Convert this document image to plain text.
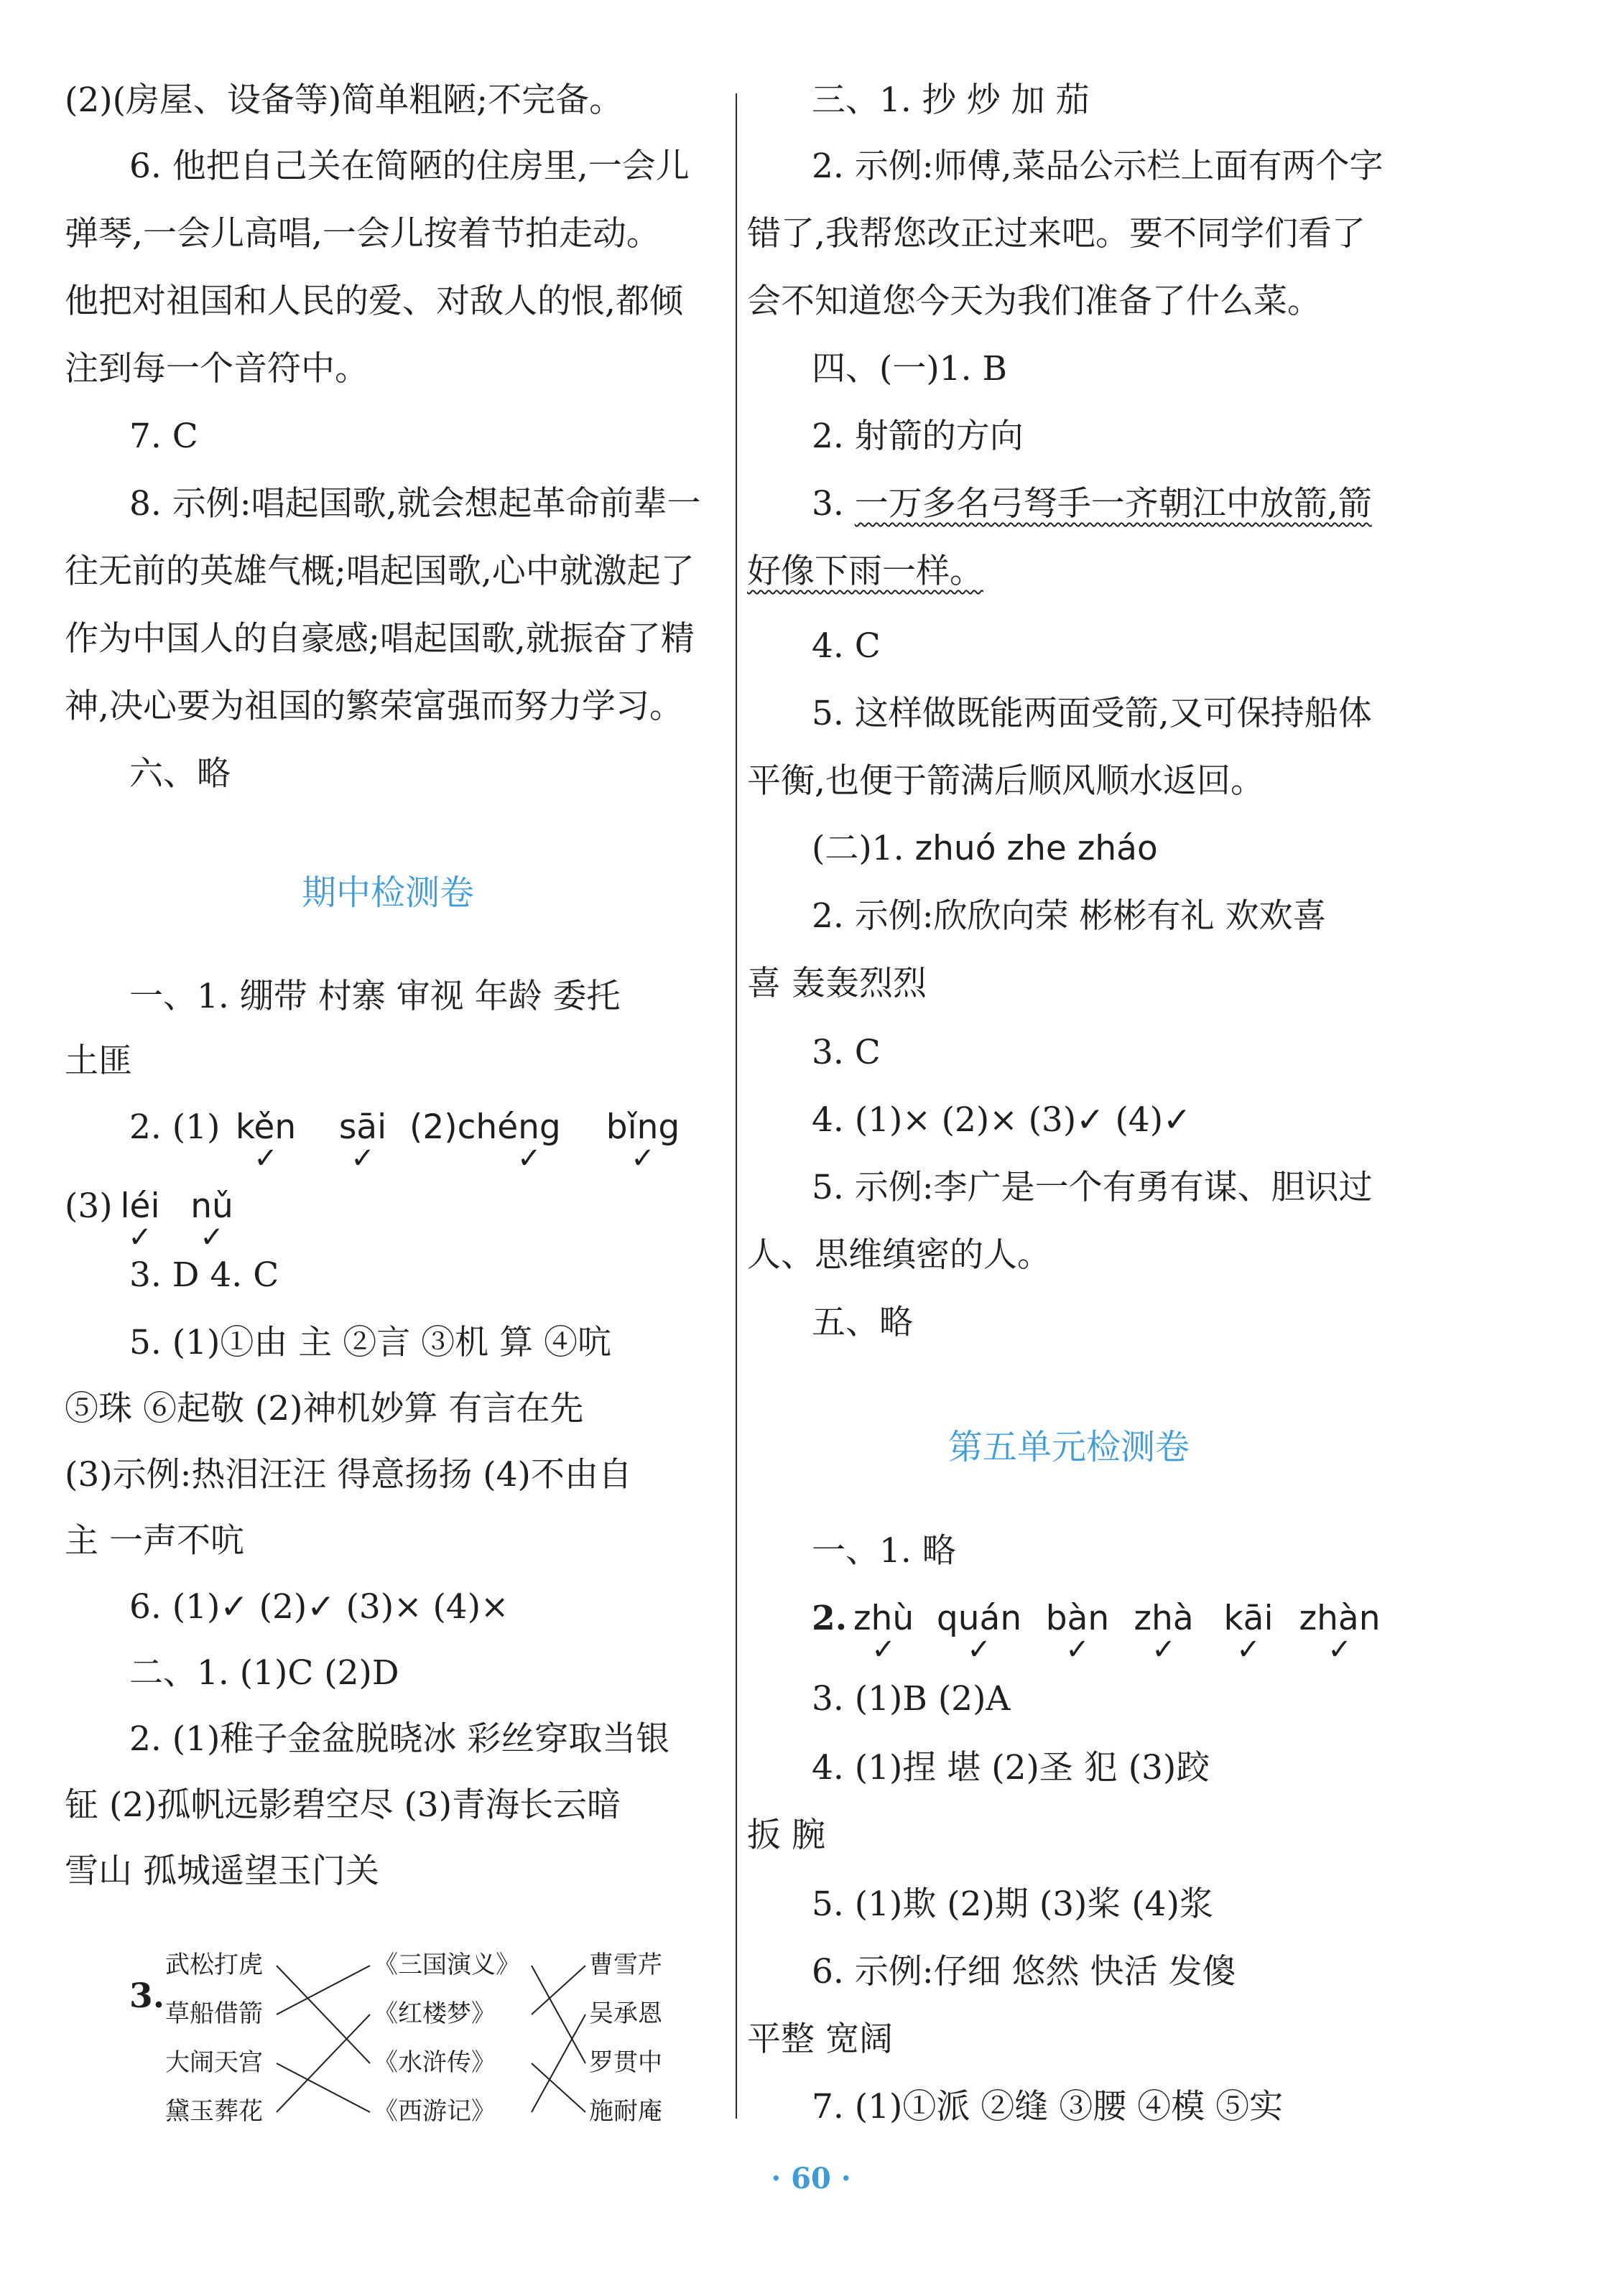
(2)(房屋、设备等)简单粗陋;不完备。
6. 他把自己关在简陋的住房里,一会儿
弹琴,一会儿高唱,一会儿按着节拍走动。
他把对祖国和人民的爱、对敌人的恨,都倾
注到每一个音符中。
7. C
8. 示例:唱起国歌,就会想起革命前辈一
往无前的英雄气概;唱起国歌,心中就激起了
作为中国人的自豪感;唱起国歌,就振奋了精
神,决心要为祖国的繁荣富强而努力学习。
六、略
期中检测卷
一、1. 绷带 村寨 审视 年龄 委托
土匪
2. (1) kěn
✓
sāi
✓
(2)chéng
✓
bǐng
✓
(3) léi
✓
nǔ
✓
3. D 4. C
5. (1)①由 主 ②言 ③机 算 ④吭
⑤珠 ⑥起敬 (2)神机妙算 有言在先
(3)示例:热泪汪汪 得意扬扬 (4)不由自
主 一声不吭
6. (1)✓ (2)✓ (3)× (4)×
二、1. (1)C (2)D
2. (1)稚子金盆脱晓冰 彩丝穿取当银
钲 (2)孤帆远影碧空尽 (3)青海长云暗
雪山 孤城遥望玉门关
3.
武松打虎
草船借箭
大闹天宫
黛玉葬花
《三国演义》
《红楼梦》
《水浒传》
《西游记》
曹雪芹
吴承恩
罗贯中
施耐庵
三、1. 抄 炒 加 茄
2. 示例:师傅,菜品公示栏上面有两个字
错了,我帮您改正过来吧。要不同学们看了
会不知道您今天为我们准备了什么菜。
四、(一)1. B
2. 射箭的方向
3. 一万多名弓弩手一齐朝江中放箭,箭
好像下雨一样。
4. C
5. 这样做既能两面受箭,又可保持船体
平衡,也便于箭满后顺风顺水返回。
(二)1. zhuó zhe zháo
2. 示例:欣欣向荣 彬彬有礼 欢欢喜
喜 轰轰烈烈
3. C
4. (1)× (2)× (3)✓ (4)✓
5. 示例:李广是一个有勇有谋、胆识过
人、思维缜密的人。
五、略
第五单元检测卷
一、1. 略
2. zhù
✓
quán
✓
bàn
✓
zhà
✓
kāi
✓
zhàn
✓
3. (1)B (2)A
4. (1)捏 堪 (2)圣 犯 (3)跤
扳 腕
5. (1)欺 (2)期 (3)桨 (4)浆
6. 示例:仔细 悠然 快活 发傻
平整 宽阔
7. (1)①派 ②缝 ③腰 ④模 ⑤实
· 60 ·
